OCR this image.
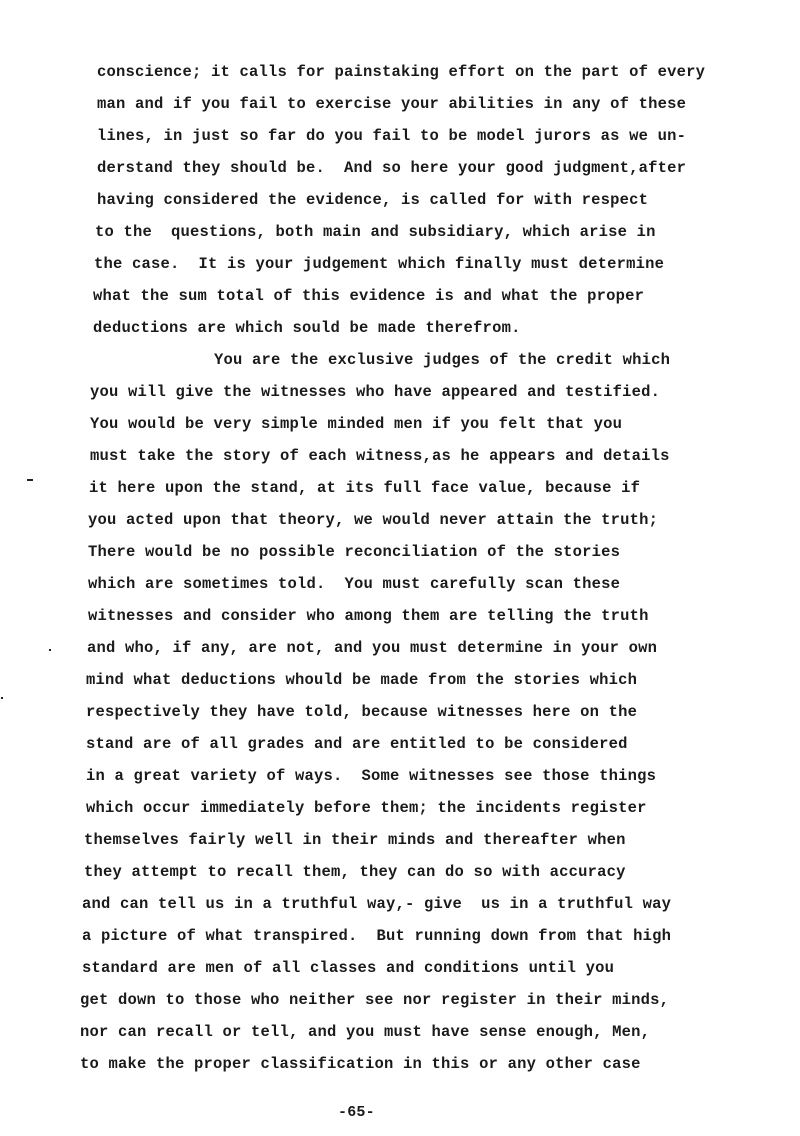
conscience; it calls for painstaking effort on the part of every
man and if you fail to exercise your abilities in any of these
lines, in just so far do you fail to be model jurors as we un-
derstand they should be.  And so here your good judgment,after
having considered the evidence, is called for with respect
to the  questions, both main and subsidiary, which arise in
the case.  It is your judgement which finally must determine
what the sum total of this evidence is and what the proper
deductions are which sould be made therefrom.
You are the exclusive judges of the credit which
you will give the witnesses who have appeared and testified.
You would be very simple minded men if you felt that you
must take the story of each witness,as he appears and details
it here upon the stand, at its full face value, because if
you acted upon that theory, we would never attain the truth;
There would be no possible reconciliation of the stories
which are sometimes told.  You must carefully scan these
witnesses and consider who among them are telling the truth
and who, if any, are not, and you must determine in your own
mind what deductions whould be made from the stories which
respectively they have told, because witnesses here on the
stand are of all grades and are entitled to be considered
in a great variety of ways.  Some witnesses see those things
which occur immediately before them; the incidents register
themselves fairly well in their minds and thereafter when
they attempt to recall them, they can do so with accuracy
and can tell us in a truthful way,- give  us in a truthful way
a picture of what transpired.  But running down from that high
standard are men of all classes and conditions until you
get down to those who neither see nor register in their minds,
nor can recall or tell, and you must have sense enough, Men,
to make the proper classification in this or any other case
-65-
